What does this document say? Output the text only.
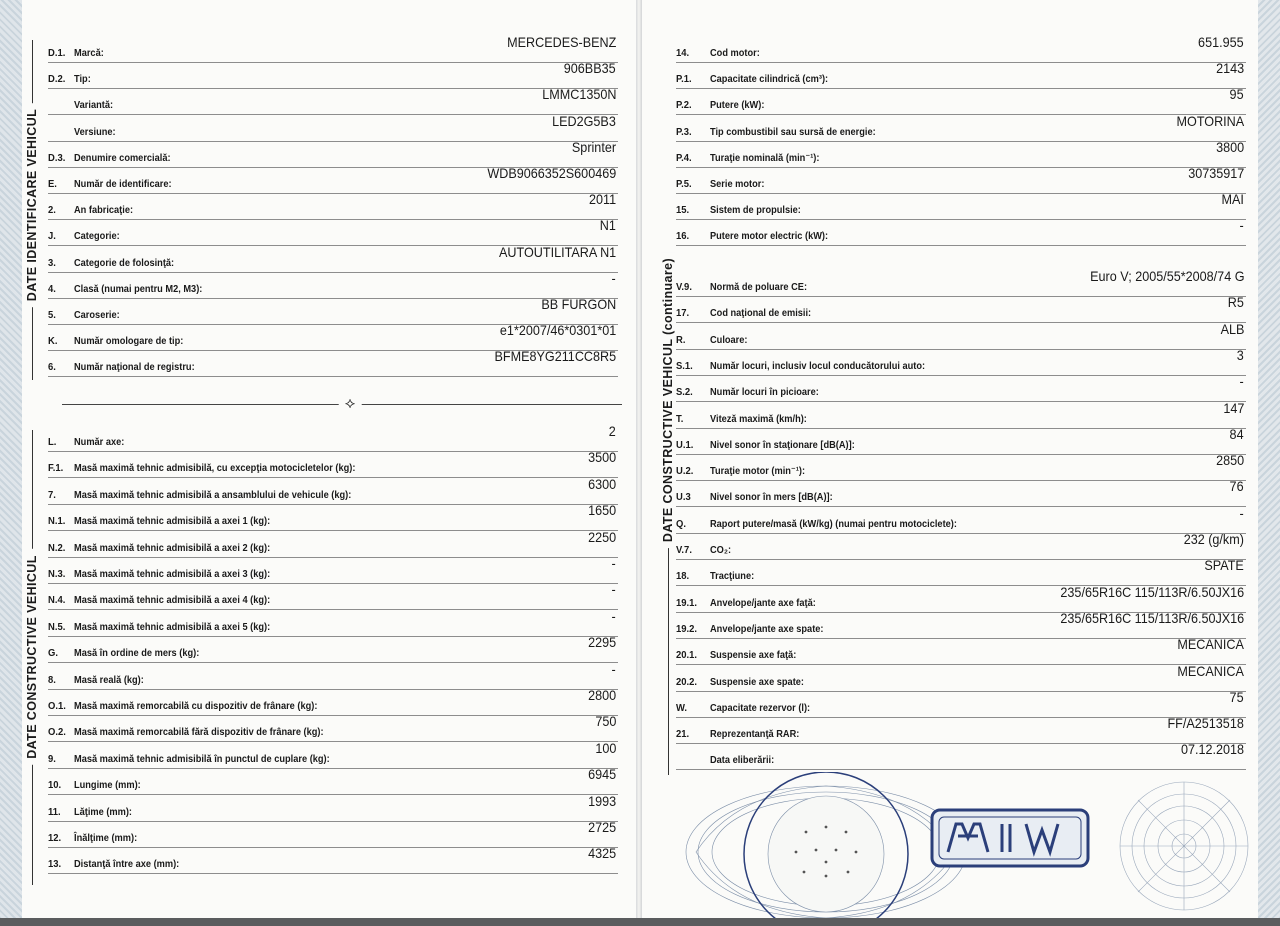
DATE IDENTIFICARE VEHICUL
D.1. Marcă:
MERCEDES-BENZ
D.2. Tip:
906BB35
Variantă:
LMMC1350N
Versiune:
LED2G5B3
D.3. Denumire comercială:
Sprinter
E. Număr de identificare:
WDB9066352S600469
2. An fabricaţie:
2011
J. Categorie:
N1
3. Categorie de folosinţă:
AUTOUTILITARA N1
4. Clasă (numai pentru M2, M3):
-
5. Caroserie:
BB FURGON
K. Număr omologare de tip:
e1*2007/46*0301*01
6. Număr naţional de registru:
BFME8YG211CC8R5
⟡
DATE CONSTRUCTIVE VEHICUL
L. Număr axe:
2
F.1. Masă maximă tehnic admisibilă, cu excepţia motocicletelor (kg):
3500
7. Masă maximă tehnic admisibilă a ansamblului de vehicule (kg):
6300
N.1. Masă maximă tehnic admisibilă a axei 1 (kg):
1650
N.2. Masă maximă tehnic admisibilă a axei 2 (kg):
2250
N.3. Masă maximă tehnic admisibilă a axei 3 (kg):
-
N.4. Masă maximă tehnic admisibilă a axei 4 (kg):
-
N.5. Masă maximă tehnic admisibilă a axei 5 (kg):
-
G. Masă în ordine de mers (kg):
2295
8. Masă reală (kg):
-
O.1. Masă maximă remorcabilă cu dispozitiv de frânare (kg):
2800
O.2. Masă maximă remorcabilă fără dispozitiv de frânare (kg):
750
9. Masă maximă tehnic admisibilă în punctul de cuplare (kg):
100
10. Lungime (mm):
6945
11. Lăţime (mm):
1993
12. Înălţime (mm):
2725
13. Distanţă între axe (mm):
4325
DATE CONSTRUCTIVE VEHICUL (continuare)
14. Cod motor:
651.955
P.1. Capacitate cilindrică (cm³):
2143
P.2. Putere (kW):
95
P.3. Tip combustibil sau sursă de energie:
MOTORINA
P.4. Turaţie nominală (min⁻¹):
3800
P.5. Serie motor:
30735917
15. Sistem de propulsie:
MAI
16. Putere motor electric (kW):
-
V.9. Normă de poluare CE:
Euro V; 2005/55*2008/74 G
17. Cod naţional de emisii:
R5
R. Culoare:
ALB
S.1. Număr locuri, inclusiv locul conducătorului auto:
3
S.2. Număr locuri în picioare:
-
T.	Viteză maximă (km/h):
147
U.1. Nivel sonor în staţionare [dB(A)]:
84
U.2. Turaţie motor (min⁻¹):
2850
U.3 Nivel sonor în mers [dB(A)]:
76
Q. Raport putere/masă (kW/kg) (numai pentru motociclete):
-
V.7. CO₂:
232 (g/km)
18. Tracţiune:
SPATE
19.1. Anvelope/jante axe faţă:
235/65R16C 115/113R/6.50JX16
19.2. Anvelope/jante axe spate:
235/65R16C 115/113R/6.50JX16
20.1. Suspensie axe faţă:
MECANICA
20.2. Suspensie axe spate:
MECANICA
W. Capacitate rezervor (l):
75
21. Reprezentanţă RAR:
FF/A2513518
Data eliberării:
07.12.2018
